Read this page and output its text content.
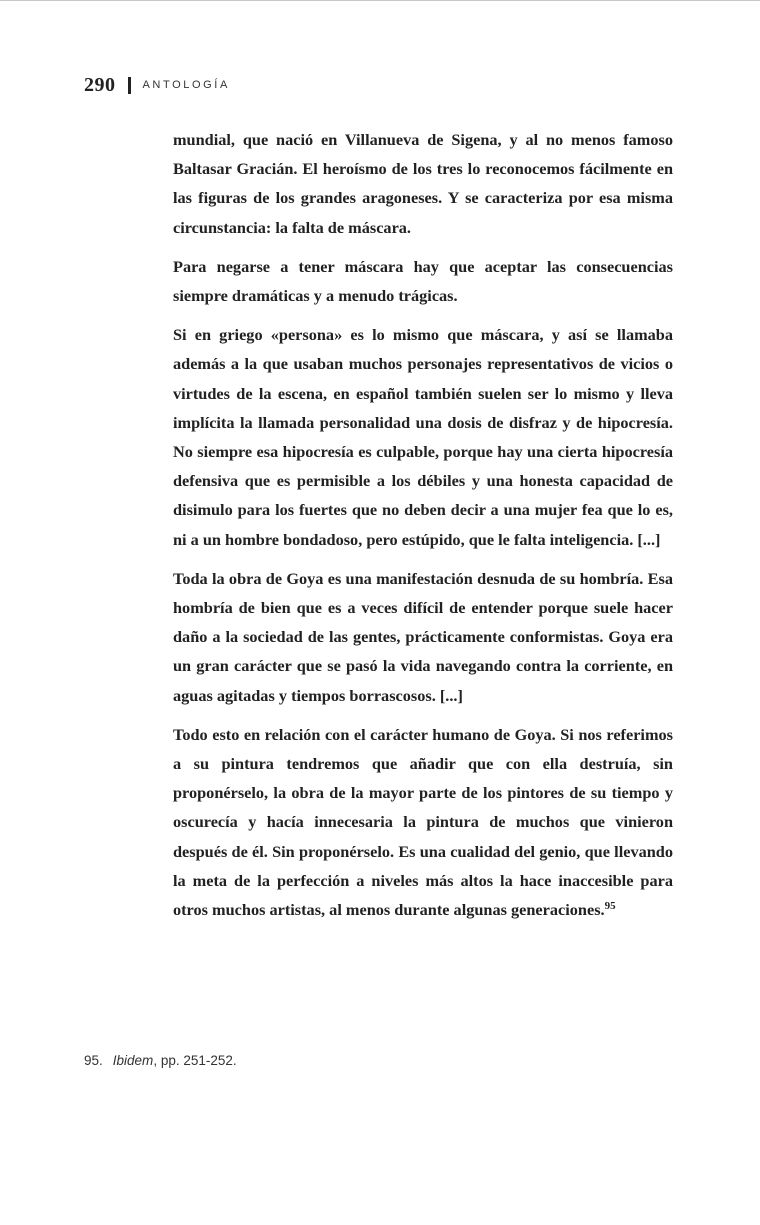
290 ANTOLOGÍA

mundial, que nació en Villanueva de Sigena, y al no menos famoso Baltasar Gracián. El heroísmo de los tres lo reconocemos fácilmente en las figuras de los grandes aragoneses. Y se caracteriza por esa misma circunstancia: la falta de máscara.

Para negarse a tener máscara hay que aceptar las consecuencias siempre dramáticas y a menudo trágicas.

Si en griego «persona» es lo mismo que máscara, y así se llamaba además a la que usaban muchos personajes representativos de vicios o virtudes de la escena, en español también suelen ser lo mismo y lleva implícita la llamada personalidad una dosis de disfraz y de hipocresía. No siempre esa hipocresía es culpable, porque hay una cierta hipocresía defensiva que es permisible a los débiles y una honesta capacidad de disimulo para los fuertes que no deben decir a una mujer fea que lo es, ni a un hombre bondadoso, pero estúpido, que le falta inteligencia. [...]

Toda la obra de Goya es una manifestación desnuda de su hombría. Esa hombría de bien que es a veces difícil de entender porque suele hacer daño a la sociedad de las gentes, prácticamente conformistas. Goya era un gran carácter que se pasó la vida navegando contra la corriente, en aguas agitadas y tiempos borrascosos. [...]

Todo esto en relación con el carácter humano de Goya. Si nos referimos a su pintura tendremos que añadir que con ella destruía, sin proponérselo, la obra de la mayor parte de los pintores de su tiempo y oscurecía y hacía innecesaria la pintura de muchos que vinieron después de él. Sin proponérselo. Es una cualidad del genio, que llevando la meta de la perfección a niveles más altos la hace inaccesible para otros muchos artistas, al menos durante algunas generaciones.$^{95}$

95. Ibidem, pp. 251-252.
